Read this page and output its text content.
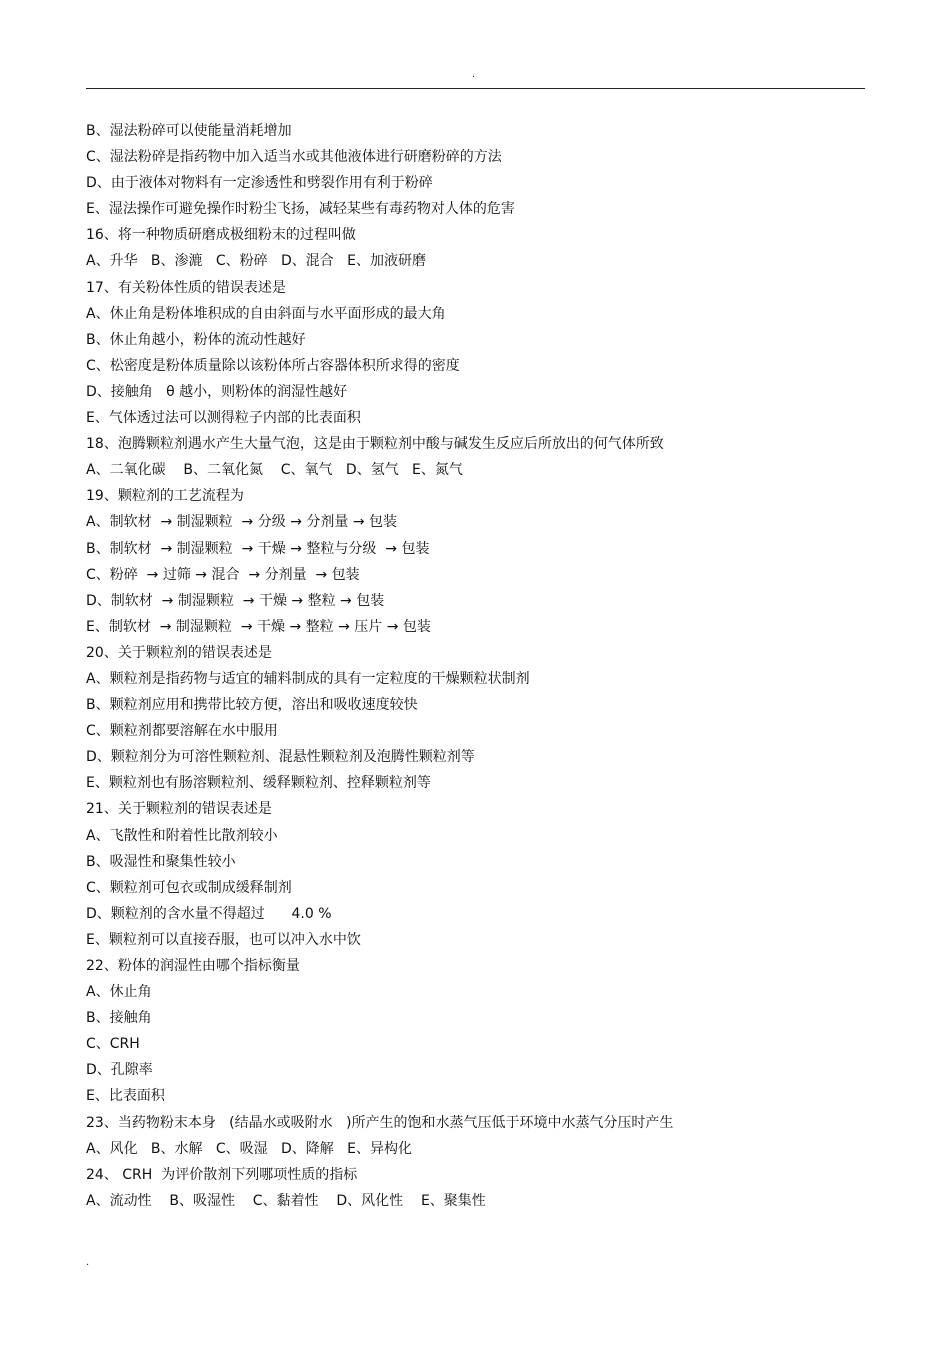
.
B、湿法粉碎可以使能量消耗增加
C、湿法粉碎是指药物中加入适当水或其他液体进行研磨粉碎的方法
D、由于液体对物料有一定渗透性和劈裂作用有利于粉碎
E、湿法操作可避免操作时粉尘飞扬，减轻某些有毒药物对人体的危害
16、将一种物质研磨成极细粉末的过程叫做
A、升华   B、渗漉   C、粉碎   D、混合   E、加液研磨
17、有关粉体性质的错误表述是
A、休止角是粉体堆积成的自由斜面与水平面形成的最大角
B、休止角越小，粉体的流动性越好
C、松密度是粉体质量除以该粉体所占容器体积所求得的密度
D、接触角   θ 越小，则粉体的润湿性越好
E、气体透过法可以测得粒子内部的比表面积
18、泡腾颗粒剂遇水产生大量气泡，这是由于颗粒剂中酸与碱发生反应后所放出的何气体所致
A、二氧化碳    B、二氧化氮    C、氧气   D、氢气   E、氮气
19、颗粒剂的工艺流程为
A、制软材  → 制湿颗粒  → 分级 → 分剂量 → 包装
B、制软材  → 制湿颗粒  → 干燥 → 整粒与分级  → 包装
C、粉碎  → 过筛 → 混合  → 分剂量  → 包装
D、制软材  → 制湿颗粒  → 干燥 → 整粒 → 包装
E、制软材  → 制湿颗粒  → 干燥 → 整粒 → 压片 → 包装
20、关于颗粒剂的错误表述是
A、颗粒剂是指药物与适宜的辅料制成的具有一定粒度的干燥颗粒状制剂
B、颗粒剂应用和携带比较方便，溶出和吸收速度较快
C、颗粒剂都要溶解在水中服用
D、颗粒剂分为可溶性颗粒剂、混悬性颗粒剂及泡腾性颗粒剂等
E、颗粒剂也有肠溶颗粒剂、缓释颗粒剂、控释颗粒剂等
21、关于颗粒剂的错误表述是
A、飞散性和附着性比散剂较小
B、吸湿性和聚集性较小
C、颗粒剂可包衣或制成缓释制剂
D、颗粒剂的含水量不得超过      4.0 %
E、颗粒剂可以直接吞服，也可以冲入水中饮
22、粉体的润湿性由哪个指标衡量
A、休止角
B、接触角
C、CRH
D、孔隙率
E、比表面积
23、当药物粉末本身   (结晶水或吸附水   )所产生的饱和水蒸气压低于环境中水蒸气分压时产生
A、风化   B、水解   C、吸湿   D、降解   E、异构化
24、 CRH  为评价散剂下列哪项性质的指标
A、流动性    B、吸湿性    C、黏着性    D、风化性    E、聚集性
.
